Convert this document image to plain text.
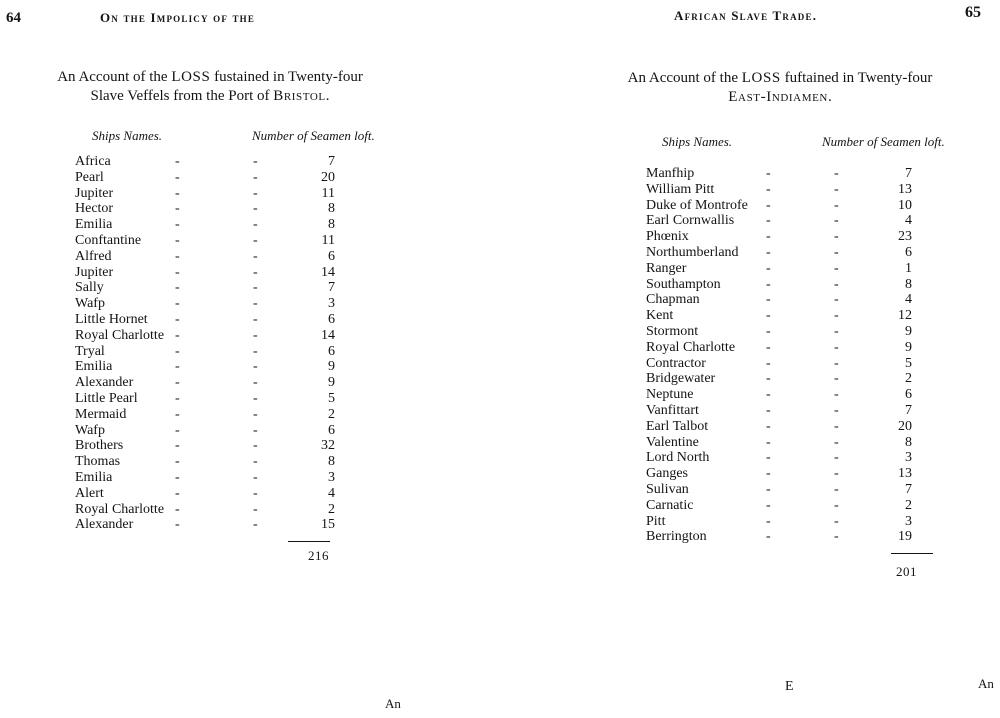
64	On the Impolicy of the
An Account of the LOSS fustained in Twenty-four
Slave Veffels from the Port of Bristol.
Ships Names.	Number of Seamen loft.
Africa	-	-	7
Pearl	-	-	20
Jupiter	-	-	11
Hector	-	-	8
Emilia	-	-	8
Conftantine -	-	11
Alfred	-	-	6
Jupiter	-	-	14
Sally	-	-	7
Wafp	-	-	3
Little Hornet -	-	6
Royal Charlotte -	-	14
Tryal	-	-	6
Emilia	-	-	9
Alexander	-	-	9
Little Pearl	-	-	5
Mermaid	-	-	2
Wafp	-	-	6
Brothers	-	-	32
Thomas	-	-	8
Emilia	-	-	3
Alert	-	-	4
Royal Charlotte -	-	2
Alexander	-	-	15
216
An
African Slave Trade.	65
An Account of the LOSS fuftained in Twenty-four
East-Indiamen.
Ships Names.	Number of Seamen loft.
Manfhip	-	-	7
William Pitt	-	-	13
Duke of Montrofe -	-	10
Earl Cornwallis -	-	4
Phœnix	-	-	23
Northumberland -	-	6
Ranger	-	-	1
Southampton	-	-	8
Chapman	-	-	4
Kent	-	-	12
Stormont	-	-	9
Royal Charlotte -	-	9
Contractor	-	-	5
Bridgewater	-	-	2
Neptune	-	-	6
Vanfittart	-	-	7
Earl Talbot	-	-	20
Valentine	-	-	8
Lord North	-	-	3
Ganges	-	-	13
Sulivan	-	-	7
Carnatic	-	-	2
Pitt	-	-	3
Berrington	-	-	19
201
E	An
